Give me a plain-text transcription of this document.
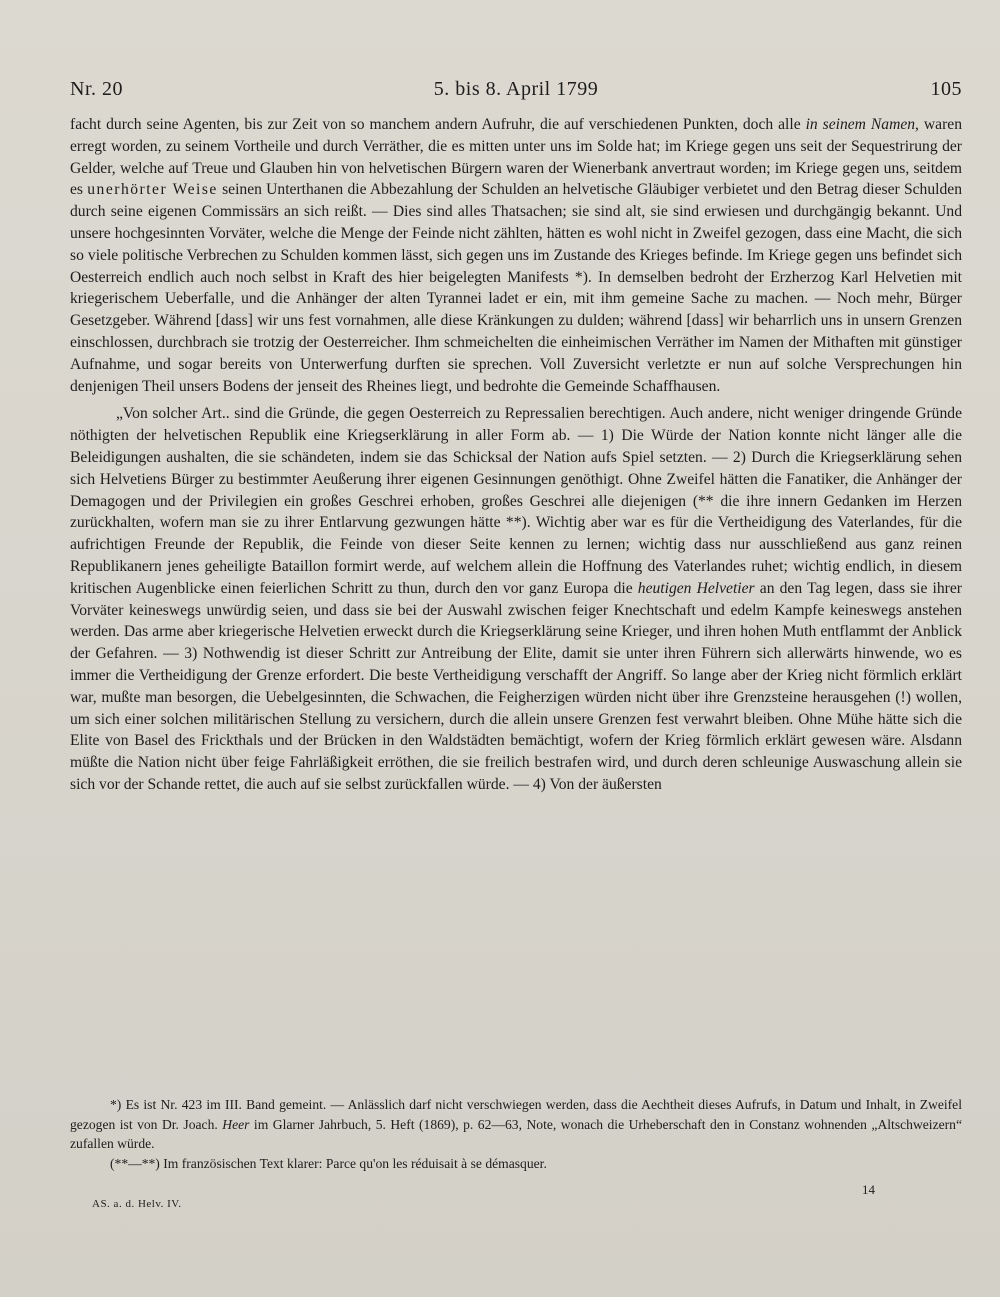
Nr. 20	5. bis 8. April 1799	105

facht durch seine Agenten, bis zur Zeit von so manchem andern Aufruhr, die auf verschiedenen Punkten, doch alle in seinem Namen, waren erregt worden, zu seinem Vortheile und durch Verräther, die es mitten unter uns im Solde hat; im Kriege gegen uns seit der Sequestrirung der Gelder, welche auf Treue und Glauben hin von helvetischen Bürgern waren der Wienerbank anvertraut worden; im Kriege gegen uns, seitdem es unerhörter Weise seinen Unterthanen die Abbezahlung der Schulden an helvetische Gläubiger verbietet und den Betrag dieser Schulden durch seine eigenen Commissärs an sich reißt. — Dies sind alles Thatsachen; sie sind alt, sie sind erwiesen und durchgängig bekannt. Und unsere hochgesinnten Vorväter, welche die Menge der Feinde nicht zählten, hätten es wohl nicht in Zweifel gezogen, dass eine Macht, die sich so viele politische Verbrechen zu Schulden kommen lässt, sich gegen uns im Zustande des Krieges befinde. Im Kriege gegen uns befindet sich Oesterreich endlich auch noch selbst in Kraft des hier beigelegten Manifests *). In demselben bedroht der Erzherzog Karl Helvetien mit kriegerischem Ueberfalle, und die Anhänger der alten Tyrannei ladet er ein, mit ihm gemeine Sache zu machen. — Noch mehr, Bürger Gesetzgeber. Während [dass] wir uns fest vornahmen, alle diese Kränkungen zu dulden; während [dass] wir beharrlich uns in unsern Grenzen einschlossen, durchbrach sie trotzig der Oesterreicher. Ihm schmeichelten die einheimischen Verräther im Namen der Mithaften mit günstiger Aufnahme, und sogar bereits von Unterwerfung durften sie sprechen. Voll Zuversicht verletzte er nun auf solche Versprechungen hin denjenigen Theil unsers Bodens der jenseit des Rheines liegt, und bedrohte die Gemeinde Schaffhausen.

„Von solcher Art.. sind die Gründe, die gegen Oesterreich zu Repressalien berechtigen. Auch andere, nicht weniger dringende Gründe nöthigten der helvetischen Republik eine Kriegserklärung in aller Form ab. — 1) Die Würde der Nation konnte nicht länger alle die Beleidigungen aushalten, die sie schändeten, indem sie das Schicksal der Nation aufs Spiel setzten. — 2) Durch die Kriegserklärung sehen sich Helvetiens Bürger zu bestimmter Aeußerung ihrer eigenen Gesinnungen genöthigt. Ohne Zweifel hätten die Fanatiker, die Anhänger der Demagogen und der Privilegien ein großes Geschrei erhoben, großes Geschrei alle diejenigen (** die ihre innern Gedanken im Herzen zurückhalten, wofern man sie zu ihrer Entlarvung gezwungen hätte **). Wichtig aber war es für die Vertheidigung des Vaterlandes, für die aufrichtigen Freunde der Republik, die Feinde von dieser Seite kennen zu lernen; wichtig dass nur ausschließend aus ganz reinen Republikanern jenes geheiligte Bataillon formirt werde, auf welchem allein die Hoffnung des Vaterlandes ruhet; wichtig endlich, in diesem kritischen Augenblicke einen feierlichen Schritt zu thun, durch den vor ganz Europa die heutigen Helvetier an den Tag legen, dass sie ihrer Vorväter keineswegs unwürdig seien, und dass sie bei der Auswahl zwischen feiger Knechtschaft und edelm Kampfe keineswegs anstehen werden. Das arme aber kriegerische Helvetien erweckt durch die Kriegserklärung seine Krieger, und ihren hohen Muth entflammt der Anblick der Gefahren. — 3) Nothwendig ist dieser Schritt zur Antreibung der Elite, damit sie unter ihren Führern sich allerwärts hinwende, wo es immer die Vertheidigung der Grenze erfordert. Die beste Vertheidigung verschafft der Angriff. So lange aber der Krieg nicht förmlich erklärt war, mußte man besorgen, die Uebelgesinnten, die Schwachen, die Feigherzigen würden nicht über ihre Grenzsteine herausgehen (!) wollen, um sich einer solchen militärischen Stellung zu versichern, durch die allein unsere Grenzen fest verwahrt bleiben. Ohne Mühe hätte sich die Elite von Basel des Frickthals und der Brücken in den Waldstädten bemächtigt, wofern der Krieg förmlich erklärt gewesen wäre. Alsdann müßte die Nation nicht über feige Fahrläßigkeit erröthen, die sie freilich bestrafen wird, und durch deren schleunige Auswaschung allein sie sich vor der Schande rettet, die auch auf sie selbst zurückfallen würde. — 4) Von der äußersten

*) Es ist Nr. 423 im III. Band gemeint. — Anlässlich darf nicht verschwiegen werden, dass die Aechtheit dieses Aufrufs, in Datum und Inhalt, in Zweifel gezogen ist von Dr. Joach. Heer im Glarner Jahrbuch, 5. Heft (1869), p. 62—63, Note, wonach die Urheberschaft den in Constanz wohnenden „Altschweizern“ zufallen würde.

(**—**) Im französischen Text klarer: Parce qu'on les réduisait à se démasquer.

14
AS. a. d. Helv. IV.
